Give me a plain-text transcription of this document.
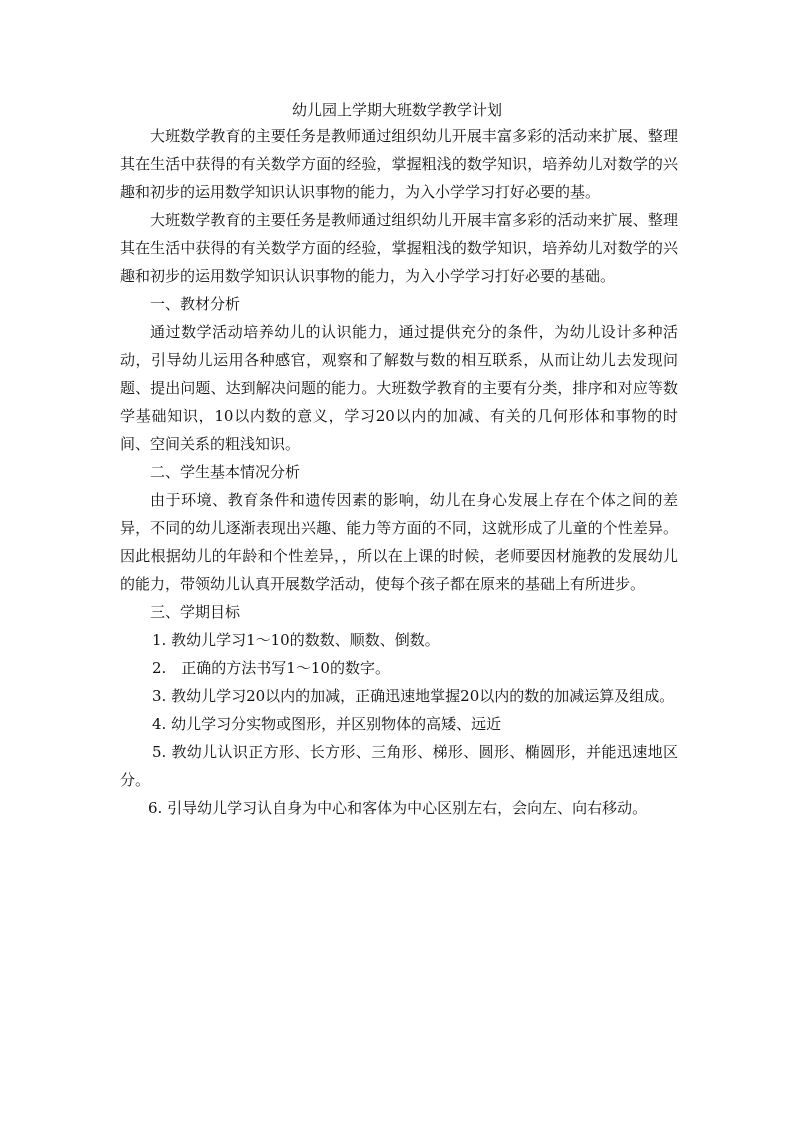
幼儿园上学期大班数学教学计划

大班数学教育的主要任务是教师通过组织幼儿开展丰富多彩的活动来扩展、整理其在生活中获得的有关数学方面的经验，掌握粗浅的数学知识，培养幼儿对数学的兴趣和初步的运用数学知识认识事物的能力，为入小学学习打好必要的基。

大班数学教育的主要任务是教师通过组织幼儿开展丰富多彩的活动来扩展、整理其在生活中获得的有关数学方面的经验，掌握粗浅的数学知识，培养幼儿对数学的兴趣和初步的运用数学知识认识事物的能力，为入小学学习打好必要的基础。

一、教材分析

通过数学活动培养幼儿的认识能力，通过提供充分的条件，为幼儿设计多种活动，引导幼儿运用各种感官，观察和了解数与数的相互联系，从而让幼儿去发现问题、提出问题、达到解决问题的能力。大班数学教育的主要有分类，排序和对应等数学基础知识，10以内数的意义，学习20以内的加减、有关的几何形体和事物的时间、空间关系的粗浅知识。

二、学生基本情况分析

由于环境、教育条件和遗传因素的影响，幼儿在身心发展上存在个体之间的差异，不同的幼儿逐渐表现出兴趣、能力等方面的不同，这就形成了儿童的个性差异。因此根据幼儿的年龄和个性差异，，所以在上课的时候，老师要因材施教的发展幼儿的能力，带领幼儿认真开展数学活动，使每个孩子都在原来的基础上有所进步。

三、学期目标

1. 教幼儿学习1～10的数数、顺数、倒数。

2.　正确的方法书写1～10的数字。

3. 教幼儿学习20以内的加减，正确迅速地掌握20以内的数的加减运算及组成。

4. 幼儿学习分实物或图形，并区别物体的高矮、远近

5. 教幼儿认识正方形、长方形、三角形、梯形、圆形、椭圆形，并能迅速地区分。

6. 引导幼儿学习认自身为中心和客体为中心区别左右，会向左、向右移动。
